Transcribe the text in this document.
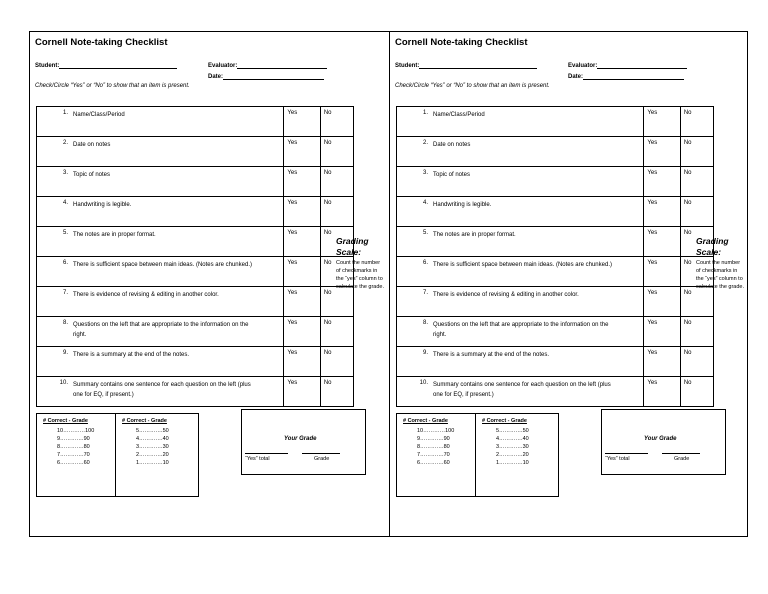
Cornell Note-taking Checklist
Student:	Evaluator:
Date:
Check/Circle “Yes” or “No” to show that an item is present.
1. Name/Class/Period	Yes	No
2. Date on notes	Yes	No
3. Topic of notes	Yes	No
4. Handwriting is legible.	Yes	No
5. The notes are in proper format.	Yes	No
6. There is sufficient space between main ideas. (Notes are chunked.)	Yes	No
7. There is evidence of revising & editing in another color.	Yes	No
8. Questions on the left that are appropriate to the information on the right.	Yes	No
9. There is a summary at the end of the notes.	Yes	No
10. Summary contains one sentence for each question on the left (plus one for EQ, if present.)	Yes	No
Grading Scale:
Count the number of checkmarks in the “yes” column to calculate the grade.
# Correct - Grade
10…………100
9………….90
8………….80
7………….70
6………….60
# Correct - Grade
5………….50
4………….40
3………….30
2………….20
1………….10
Your Grade
“Yes” total	Grade
Cornell Note-taking Checklist
Student:	Evaluator:
Date:
Check/Circle “Yes” or “No” to show that an item is present.
1. Name/Class/Period	Yes	No
2. Date on notes	Yes	No
3. Topic of notes	Yes	No
4. Handwriting is legible.	Yes	No
5. The notes are in proper format.	Yes	No
6. There is sufficient space between main ideas. (Notes are chunked.)	Yes	No
7. There is evidence of revising & editing in another color.	Yes	No
8. Questions on the left that are appropriate to the information on the right.	Yes	No
9. There is a summary at the end of the notes.	Yes	No
10. Summary contains one sentence for each question on the left (plus one for EQ, if present.)	Yes	No
Grading Scale:
Count the number of checkmarks in the “yes” column to calculate the grade.
# Correct - Grade
10…………100
9………….90
8………….80
7………….70
6………….60
# Correct - Grade
5………….50
4………….40
3………….30
2………….20
1………….10
Your Grade
“Yes” total	Grade
